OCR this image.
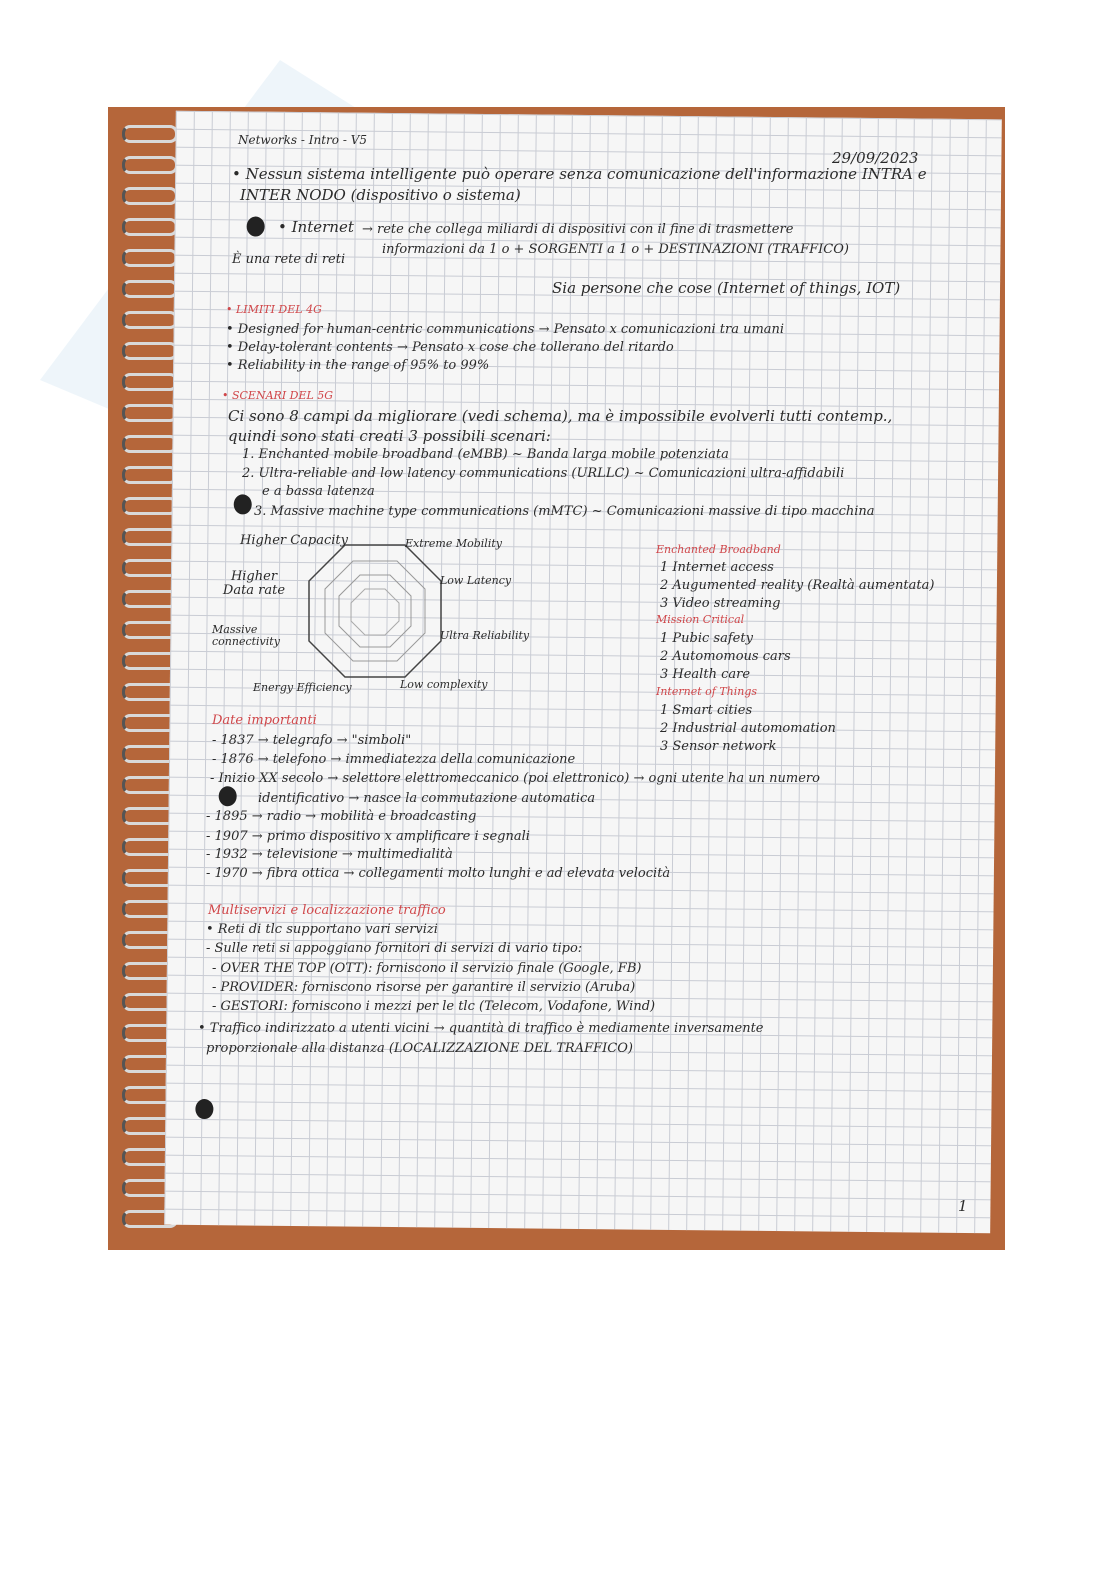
Networks - Intro - V5
29/09/2023
• Nessun sistema intelligente può operare senza comunicazione dell'informazione INTRA e
INTER NODO (dispositivo o sistema)
• Internet → rete che collega miliardi di dispositivi con il fine di trasmettere
informazioni da 1 o + SORGENTI a 1 o + DESTINAZIONI (TRAFFICO)
È una rete di reti
Sia persone che cose (Internet of things, IOT)
• LIMITI DEL 4G
• Designed for human-centric communications → Pensato x comunicazioni tra umani
• Delay-tolerant contents → Pensato x cose che tollerano del ritardo
• Reliability in the range of 95% to 99%
• SCENARI DEL 5G
Ci sono 8 campi da migliorare (vedi schema), ma è impossibile evolverli tutti contemp.,
quindi sono stati creati 3 possibili scenari:
1. Enchanted mobile broadband (eMBB) ~ Banda larga mobile potenziata
2. Ultra-reliable and low latency communications (URLLC) ~ Comunicazioni ultra-affidabili
e a bassa latenza
3. Massive machine type communications (mMTC) ~ Comunicazioni massive di tipo macchina
Higher Capacity	Extreme Mobility
Higher Data rate
Low Latency
Massive connectivity	Ultra Reliability
Energy Efficiency	Low complexity
Enchanted Broadband
1 Internet access
2 Augumented reality (Realtà aumentata)
3 Video streaming
Mission Critical
1 Pubic safety
2 Automomous cars
3 Health care
Internet of Things
1 Smart cities
2 Industrial automomation
3 Sensor network
Date importanti
- 1837 → telegrafo → "simboli"
- 1876 → telefono → immediatezza della comunicazione
- Inizio XX secolo → selettore elettromeccanico (poi elettronico) → ogni utente ha un numero
identificativo → nasce la commutazione automatica
- 1895 → radio → mobilità e broadcasting
- 1907 → primo dispositivo x amplificare i segnali
- 1932 → televisione → multimedialità
- 1970 → fibra ottica → collegamenti molto lunghi e ad elevata velocità
Multiservizi e localizzazione traffico
• Reti di tlc supportano vari servizi
- Sulle reti si appoggiano fornitori di servizi di vario tipo:
- OVER THE TOP (OTT): forniscono il servizio finale (Google, FB)
- PROVIDER: forniscono risorse per garantire il servizio (Aruba)
- GESTORI: forniscono i mezzi per le tlc (Telecom, Vodafone, Wind)
• Traffico indirizzato a utenti vicini → quantità di traffico è mediamente inversamente
proporzionale alla distanza (LOCALIZZAZIONE DEL TRAFFICO)
1
